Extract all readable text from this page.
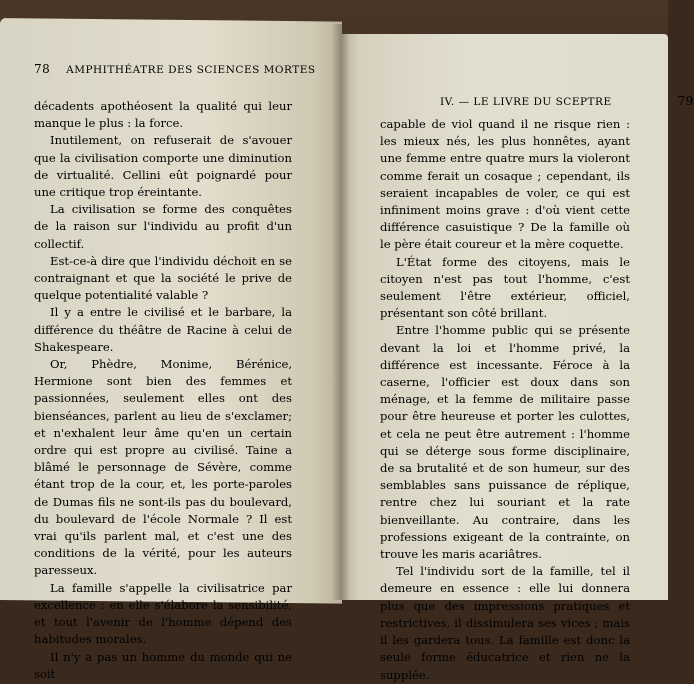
78 AMPHITHÉATRE DES SCIENCES MORTES

décadents apothéosent la qualité qui leur manque le plus : la force.

Inutilement, on refuserait de s'avouer que la civilisation comporte une diminution de virtualité. Cellini eût poignardé pour une critique trop éreintante.

La civilisation se forme des conquêtes de la raison sur l'individu au profit d'un collectif.

Est-ce-à dire que l'individu déchoit en se contraignant et que la société le prive de quelque potentialité valable ?

Il y a entre le civilisé et le barbare, la différence du théâtre de Racine à celui de Shakespeare.

Or, Phèdre, Monime, Bérénice, Hermione sont bien des femmes et passionnées, seulement elles ont des bienséances, parlent au lieu de s'exclamer; et n'exhalent leur âme qu'en un certain ordre qui est propre au civilisé. Taine a blâmé le personnage de Sévère, comme étant trop de la cour, et, les porte-paroles de Dumas fils ne sont-ils pas du boulevard, du boulevard de l'école Normale ? Il est vrai qu'ils parlent mal, et c'est une des conditions de la vérité, pour les auteurs paresseux.

La famille s'appelle la civilisatrice par excellence : en elle s'élabore la sensibilité, et tout l'avenir de l'homme dépend des habitudes morales.

Il n'y a pas un homme du monde qui ne soit

IV. — LE LIVRE DU SCEPTRE	79

capable de viol quand il ne risque rien : les mieux nés, les plus honnêtes, ayant une femme entre quatre murs la violeront comme ferait un cosaque ; cependant, ils seraient incapables de voler, ce qui est infiniment moins grave : d'où vient cette différence casuistique ? De la famille où le père était coureur et la mère coquette.

L'État forme des citoyens, mais le citoyen n'est pas tout l'homme, c'est seulement l'être extérieur, officiel, présentant son côté brillant.

Entre l'homme public qui se présente devant la loi et l'homme privé, la différence est incessante. Féroce à la caserne, l'officier est doux dans son ménage, et la femme de militaire passe pour être heureuse et porter les culottes, et cela ne peut être autrement : l'homme qui se déterge sous forme disciplinaire, de sa brutalité et de son humeur, sur des semblables sans puissance de réplique, rentre chez lui souriant et la rate bienveillante. Au contraire, dans les professions exigeant de la contrainte, on trouve les maris acariâtres.

Tel l'individu sort de la famille, tel il demeure en essence : elle lui donnera plus que des impressions pratiques et restrictives, il dissimulera ses vices ; mais il les gardera tous. La famille est donc la seule forme éducatrice et rien ne la supplée.
